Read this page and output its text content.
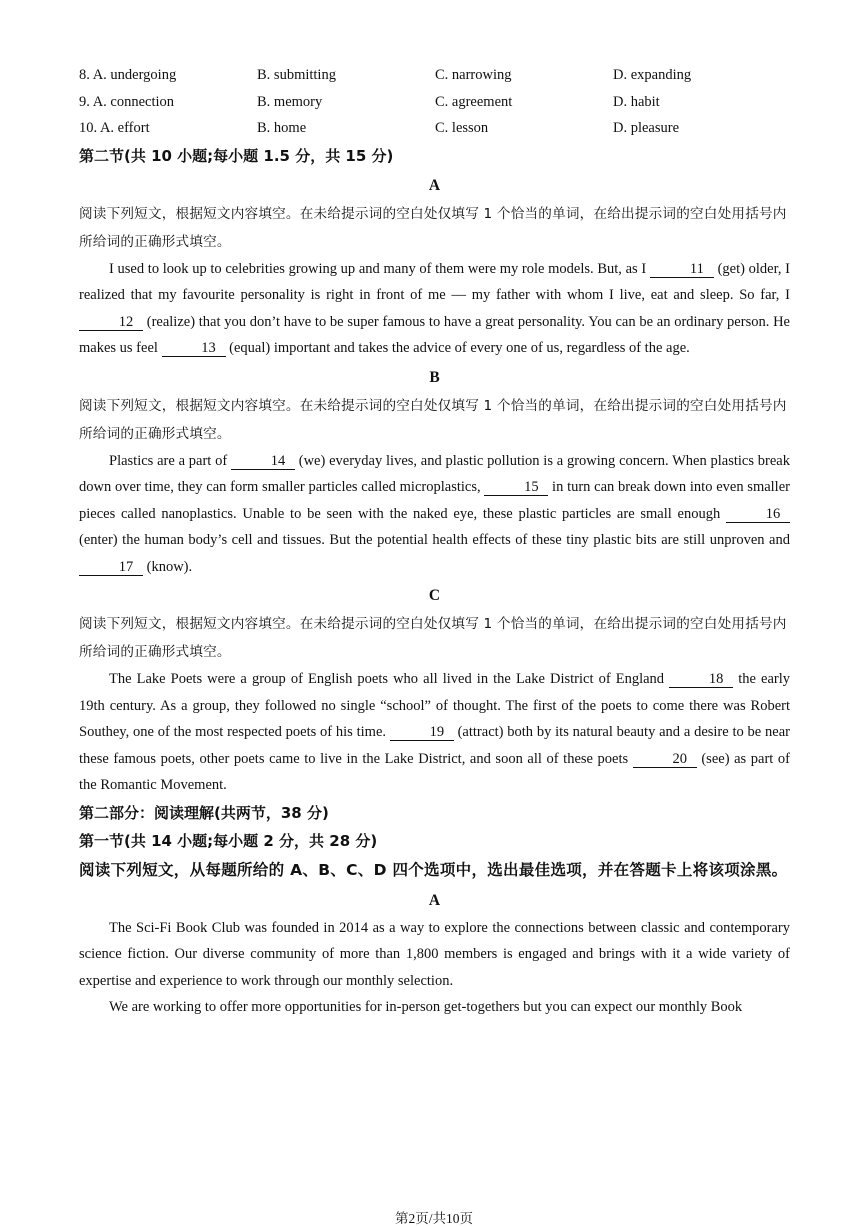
8. A. undergoing	B. submitting	C. narrowing	D. expanding
9. A. connection	B. memory	C. agreement	D. habit
10. A. effort	B. home	C. lesson	D. pleasure
第二节(共 10 小题;每小题 1.5 分，共 15 分)
A
阅读下列短文，根据短文内容填空。在未给提示词的空白处仅填写 1 个恰当的单词，在给出提示词的空白处用括号内所给词的正确形式填空。

I used to look up to celebrities growing up and many of them were my role models. But, as I	11 (get) older, I realized that my favourite personality is right in front of me — my father with whom I live, eat and sleep. So far, I 12 (realize) that you don’t have to be super famous to have a great personality. You can be an ordinary person. He makes us feel	13 (equal) important and takes the advice of every one of us, regardless of the age.

B
阅读下列短文，根据短文内容填空。在未给提示词的空白处仅填写 1 个恰当的单词，在给出提示词的空白处用括号内所给词的正确形式填空。

Plastics are a part of	14 (we) everyday lives, and plastic pollution is a growing concern. When plastics break down over time, they can form smaller particles called microplastics,	15 in turn can break down into even smaller pieces called nanoplastics. Unable to be seen with the naked eye, these plastic particles are small enough	16 (enter) the human body’s cell and tissues. But the potential health effects of these tiny plastic bits are still unproven and 17 (know).

C
阅读下列短文，根据短文内容填空。在未给提示词的空白处仅填写 1 个恰当的单词，在给出提示词的空白处用括号内所给词的正确形式填空。

The Lake Poets were a group of English poets who all lived in the Lake District of England	18 the early 19th century. As a group, they followed no single “school” of thought. The first of the poets to come there was Robert Southey, one of the most respected poets of his time.	19 (attract) both by its natural beauty and a desire to be near these famous poets, other poets came to live in the Lake District, and soon all of these poets	20 (see) as part of the Romantic Movement.

第二部分：阅读理解(共两节，38 分)
第一节(共 14 小题;每小题 2 分，共 28 分)
阅读下列短文，从每题所给的 A、B、C、D 四个选项中，选出最佳选项，并在答题卡上将该项涂黑。
A

The Sci-Fi Book Club was founded in 2014 as a way to explore the connections between classic and contemporary science fiction. Our diverse community of more than 1,800 members is engaged and brings with it a wide variety of expertise and experience to work through our monthly selection.

We are working to offer more opportunities for in-person get-togethers but you can expect our monthly Book

第2页/共10页
